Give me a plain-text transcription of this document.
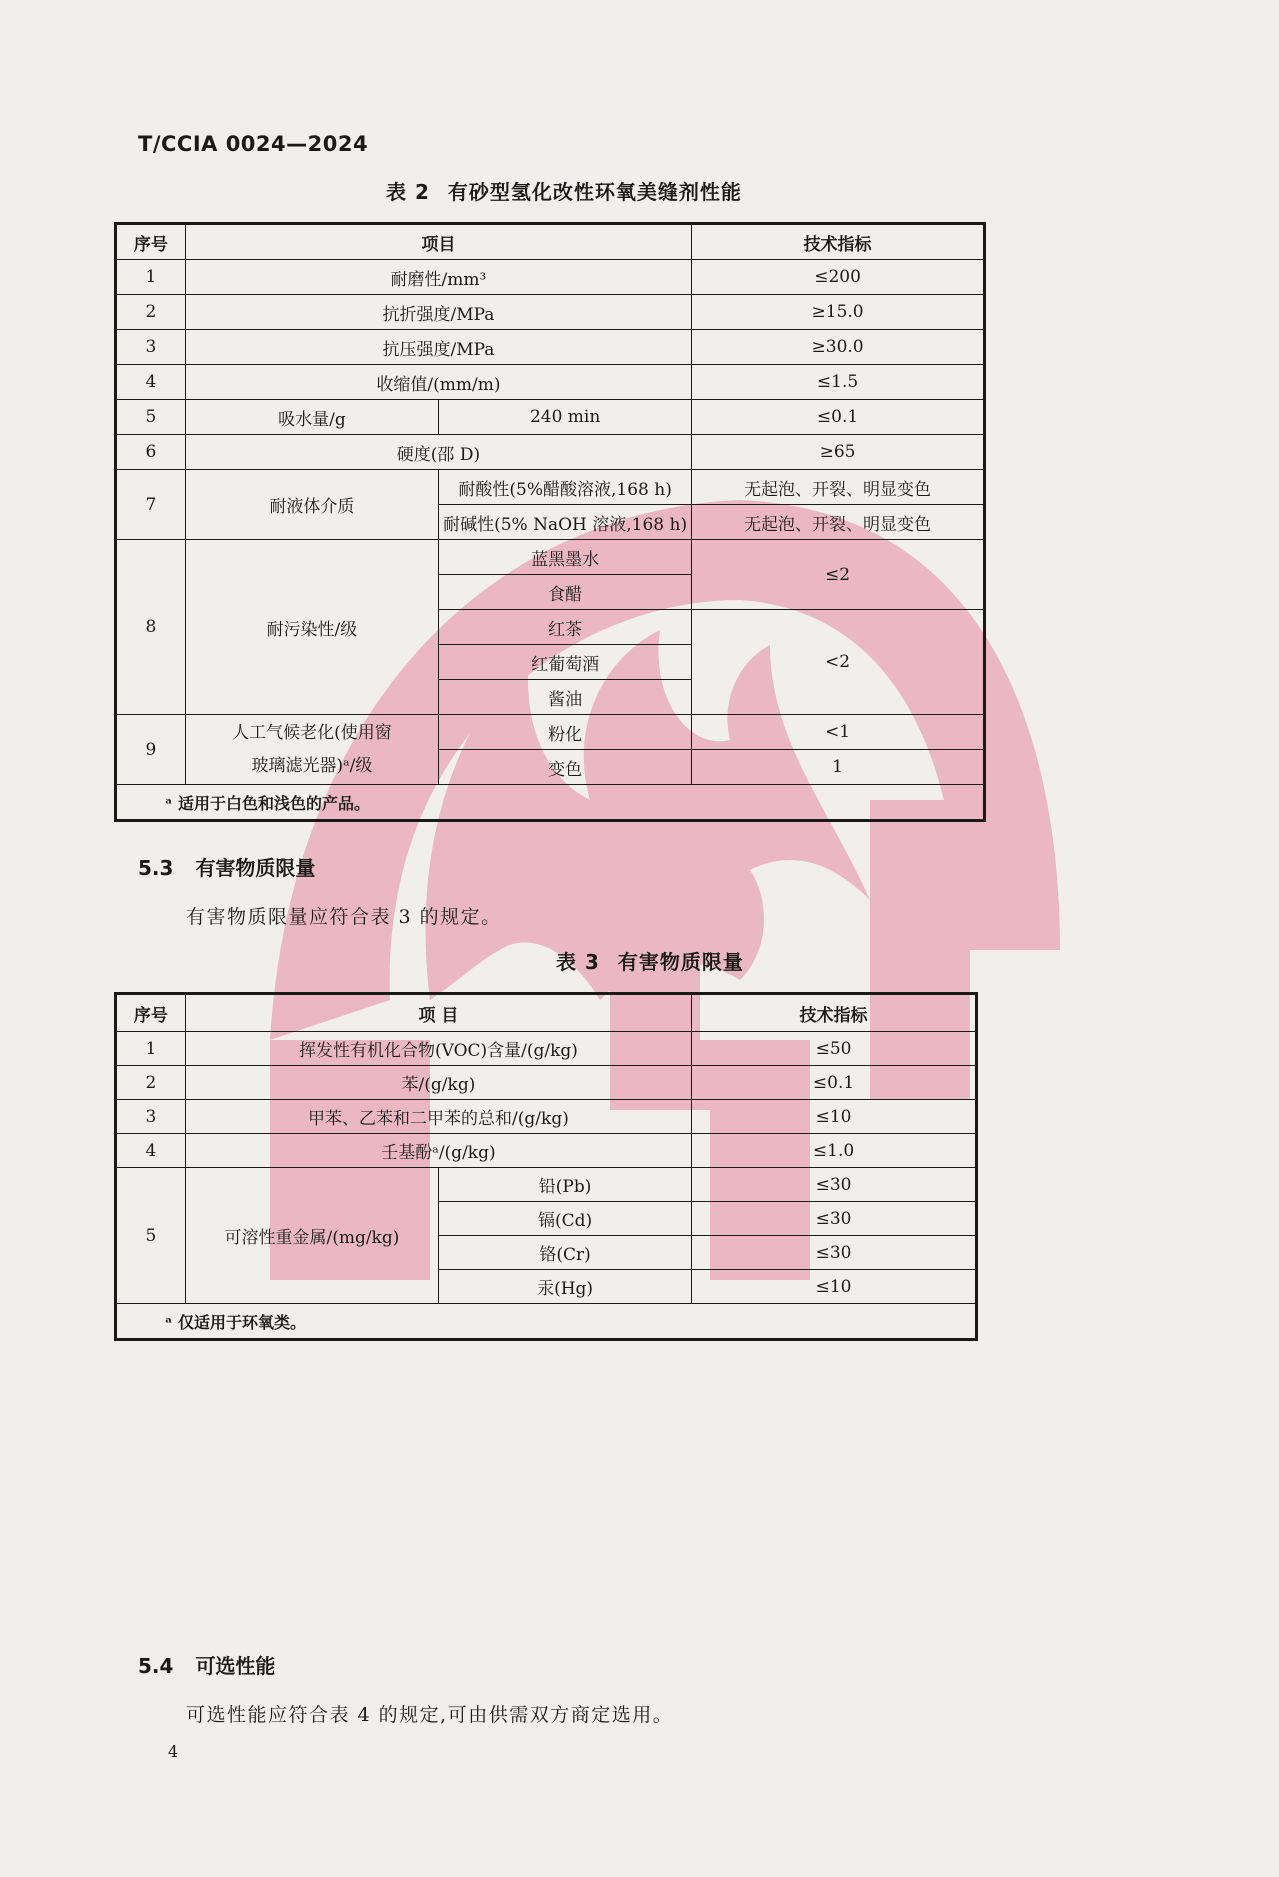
T/CCIA 0024—2024
表 2 有砂型氢化改性环氧美缝剂性能
序号	项目		技术指标
1	耐磨性/mm³		≤200
2	抗折强度/MPa		≥15.0
3	抗压强度/MPa		≥30.0
4	收缩值/(mm/m)		≤1.5
5	吸水量/g	240 min	≤0.1
6	硬度(邵 D)		≥65
7	耐液体介质	耐酸性(5%醋酸溶液,168 h)	无起泡、开裂、明显变色
		耐碱性(5% NaOH 溶液,168 h)	无起泡、开裂、明显变色
8	耐污染性/级	蓝黑墨水	≤2
		食醋	
		红茶	<2
		红葡萄酒	
		酱油	
9	人工气候老化(使用窗玻璃滤光器)ᵃ/级	粉化	<1
		变色	1
ᵃ 适用于白色和浅色的产品。			
5.3 有害物质限量
有害物质限量应符合表 3 的规定。
表 3 有害物质限量
序号	项 目		技术指标
1	挥发性有机化合物(VOC)含量/(g/kg)		≤50
2	苯/(g/kg)		≤0.1
3	甲苯、乙苯和二甲苯的总和/(g/kg)		≤10
4	壬基酚ᵃ/(g/kg)		≤1.0
5	可溶性重金属/(mg/kg)	铅(Pb)	≤30
		镉(Cd)	≤30
		铬(Cr)	≤30
		汞(Hg)	≤10
ᵃ 仅适用于环氧类。			
5.4 可选性能
可选性能应符合表 4 的规定,可由供需双方商定选用。
4
